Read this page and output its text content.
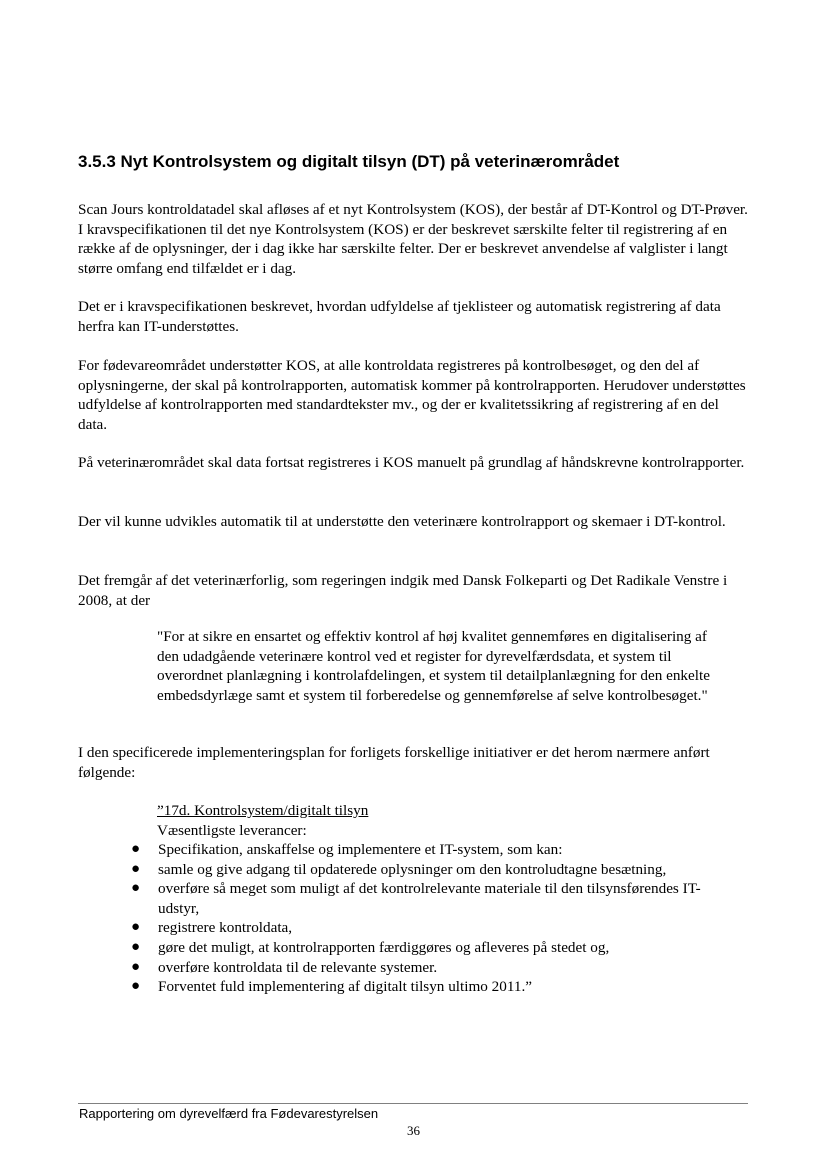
3.5.3 Nyt Kontrolsystem og digitalt tilsyn (DT) på veterinærområdet

Scan Jours kontroldatadel skal afløses af et nyt Kontrolsystem (KOS), der består af DT-Kontrol og DT-Prøver. I kravspecifikationen til det nye Kontrolsystem (KOS) er der beskrevet særskilte felter til registrering af en række af de oplysninger, der i dag ikke har særskilte felter. Der er beskrevet anvendelse af valglister i langt større omfang end tilfældet er i dag.

Det er i kravspecifikationen beskrevet, hvordan udfyldelse af tjeklisteer og automatisk registrering af data herfra kan IT-understøttes.

For fødevareområdet understøtter KOS, at alle kontroldata registreres på kontrolbesøget, og den del af oplysningerne, der skal på kontrolrapporten, automatisk kommer på kontrolrapporten. Herudover understøttes udfyldelse af kontrolrapporten med standardtekster mv., og der er kvalitetssikring af registrering af en del data.

På veterinærområdet skal data fortsat registreres i KOS manuelt på grundlag af håndskrevne kontrolrapporter.

Der vil kunne udvikles automatik til at understøtte den veterinære kontrolrapport og skemaer i DT-kontrol.

Det fremgår af det veterinærforlig, som regeringen indgik med Dansk Folkeparti og Det Radikale Venstre i 2008, at der

"For at sikre en ensartet og effektiv kontrol af høj kvalitet gennemføres en digitalisering af den udadgående veterinære kontrol ved et register for dyrevelfærdsdata, et system til overordnet planlægning i kontrolafdelingen, et system til detailplanlægning for den enkelte embedsdyrlæge samt et system til forberedelse og gennemførelse af selve kontrolbesøget."

I den specificerede implementeringsplan for forligets forskellige initiativer er det herom nærmere anført følgende:

”17d. Kontrolsystem/digitalt tilsyn
Væsentligste leverancer:
● Specifikation, anskaffelse og implementere et IT-system, som kan:
● samle og give adgang til opdaterede oplysninger om den kontroludtagne besætning,
● overføre så meget som muligt af det kontrolrelevante materiale til den tilsynsførendes IT-udstyr,
● registrere kontroldata,
● gøre det muligt, at kontrolrapporten færdiggøres og afleveres på stedet og,
● overføre kontroldata til de relevante systemer.
● Forventet fuld implementering af digitalt tilsyn ultimo 2011.”
Rapportering om dyrevelfærd fra Fødevarestyrelsen
36
